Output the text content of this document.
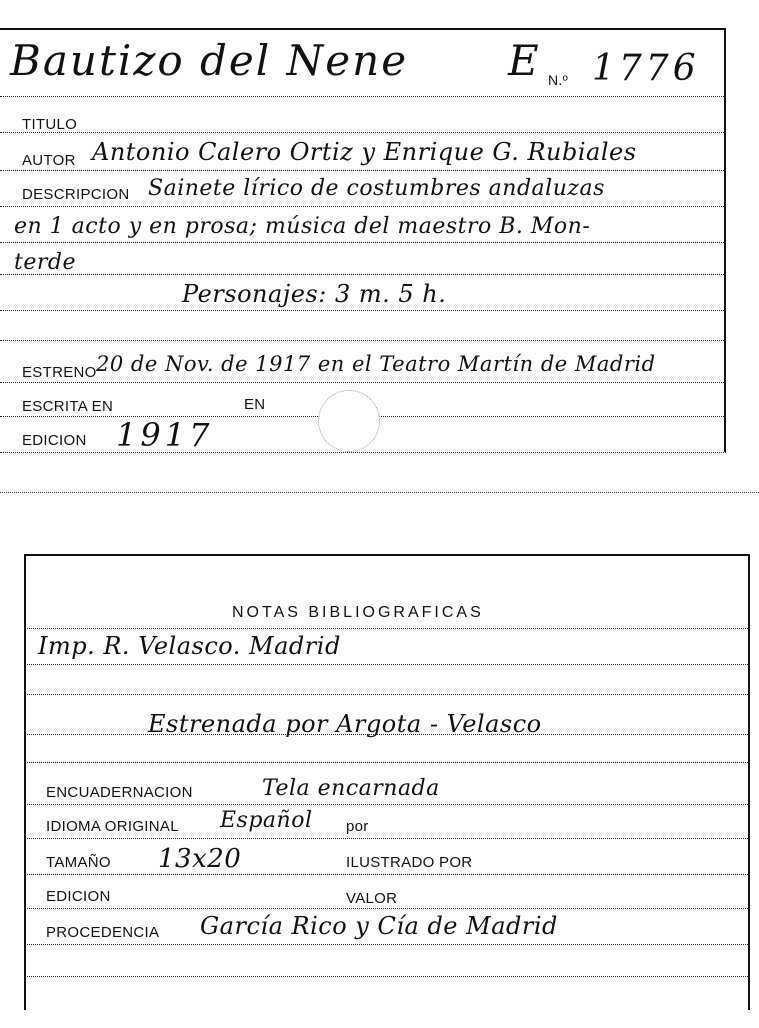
Bautizo del Nene E N.º 1776
TITULO
AUTOR Antonio Calero Ortiz y Enrique G. Rubiales
DESCRIPCION Sainete lírico de costumbres andaluzas
en 1 acto y en prosa; música del maestro B. Mon-
terde
Personajes: 3 m. 5 h.
ESTRENO 20 de Nov. de 1917 en el Teatro Martín de Madrid
ESCRITA EN	EN
EDICION 1917
NOTAS BIBLIOGRAFICAS
Imp. R. Velasco. Madrid
Estrenada por Argota - Velasco
ENCUADERNACION	Tela encarnada
IDIOMA ORIGINAL Español por
TAMAÑO 13x20	ILUSTRADO POR
EDICION	VALOR
PROCEDENCIA García Rico y Cía de Madrid
